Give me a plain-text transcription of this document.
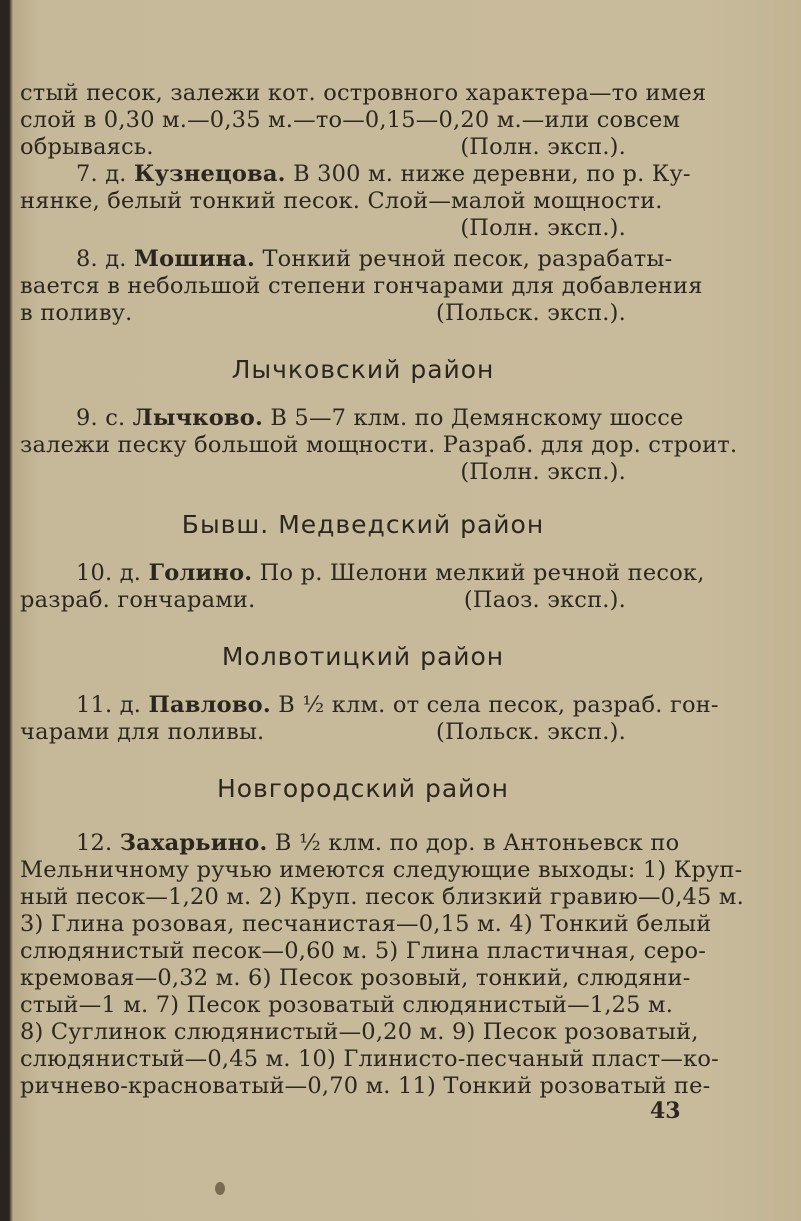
стый песок, залежи кот. островного характера—то имея
слой в 0,30 м.—0,35 м.—то—0,15—0,20 м.—или совсем
обрываясь.	(Полн. эксп.).
7. д. Кузнецова. В 300 м. ниже деревни, по р. Ку-
нянке, белый тонкий песок. Слой—малой мощности.
(Полн. эксп.).
8. д. Мошина. Тонкий речной песок, разрабаты-
вается в небольшой степени гончарами для добавления
в поливу.	(Польск. эксп.).
Лычковский район
9. с. Лычково. В 5—7 клм. по Демянскому шоссе
залежи песку большой мощности. Разраб. для дор. строит.
(Полн. эксп.).
Бывш. Медведский район
10. д. Голино. По р. Шелони мелкий речной песок,
разраб. гончарами.	(Паоз. эксп.).
Молвотицкий район
11. д. Павлово. В ½ клм. от села песок, разраб. гон-
чарами для поливы.	(Польск. эксп.).
Новгородский район
12. Захарьино. В ½ клм. по дор. в Антоньевск по
Мельничному ручью имеются следующие выходы: 1) Круп-
ный песок—1,20 м. 2) Круп. песок близкий гравию—0,45 м.
3) Глина розовая, песчанистая—0,15 м. 4) Тонкий белый
слюдянистый песок—0,60 м. 5) Глина пластичная, серо-
кремовая—0,32 м. 6) Песок розовый, тонкий, слюдяни-
стый—1 м. 7) Песок розоватый слюдянистый—1,25 м.
8) Суглинок слюдянистый—0,20 м. 9) Песок розоватый,
слюдянистый—0,45 м. 10) Глинисто-песчаный пласт—ко-
ричнево-красноватый—0,70 м. 11) Тонкий розоватый пе-
43
